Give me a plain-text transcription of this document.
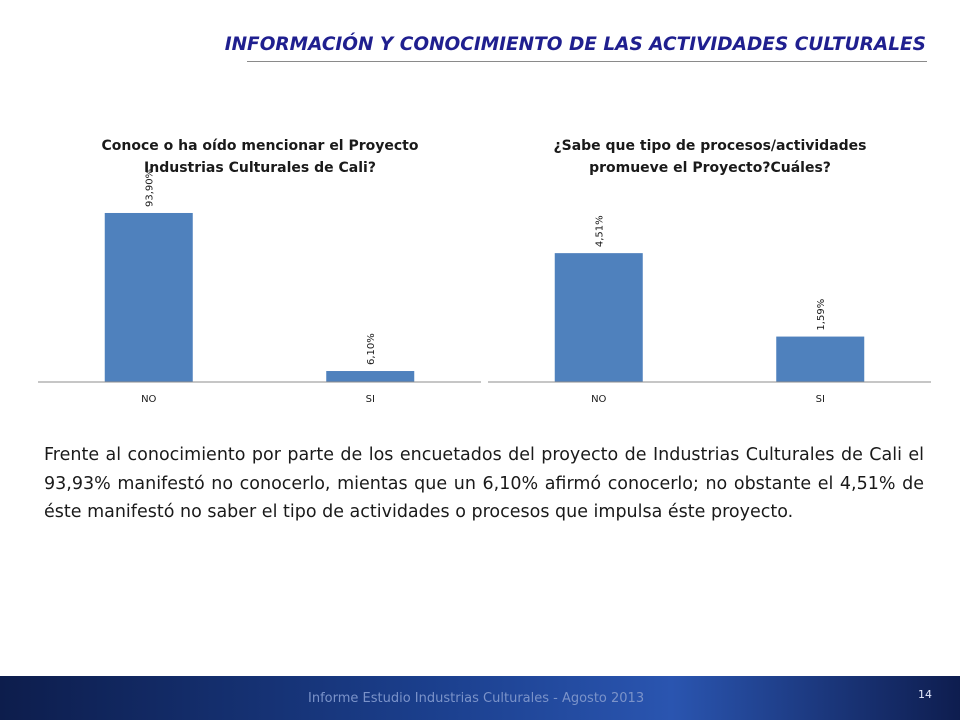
INFORMACIÓN Y CONOCIMIENTO DE LAS ACTIVIDADES CULTURALES
Conoce o ha oído mencionar el Proyecto
Industrias Culturales de Cali?
93,90%
NO
6,10%
SI
¿Sabe que tipo de procesos/actividades
promueve el Proyecto?Cuáles?
4,51%
NO
1,59%
SI
Frente al conocimiento por parte de los encuetados del proyecto de Industrias Culturales de Cali el 93,93% manifestó no conocerlo, mientas que un 6,10% afirmó conocerlo; no obstante el 4,51% de éste manifestó no saber el tipo de actividades o procesos que impulsa éste proyecto.
Informe Estudio Industrias Culturales - Agosto 2013	14
